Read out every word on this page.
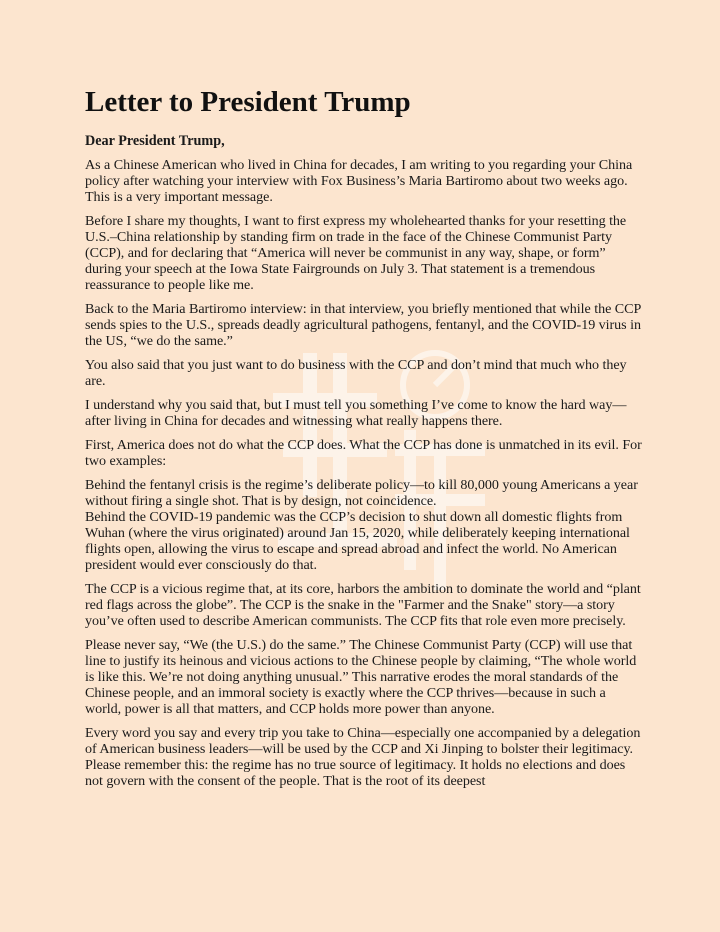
Letter to President Trump
Dear President Trump,

As a Chinese American who lived in China for decades, I am writing to you regarding your China policy after watching your interview with Fox Business’s Maria Bartiromo about two weeks ago. This is a very important message.

Before I share my thoughts, I want to first express my wholehearted thanks for your resetting the U.S.–China relationship by standing firm on trade in the face of the Chinese Communist Party (CCP), and for declaring that “America will never be communist in any way, shape, or form” during your speech at the Iowa State Fairgrounds on July 3. That statement is a tremendous reassurance to people like me.

Back to the Maria Bartiromo interview: in that interview, you briefly mentioned that while the CCP sends spies to the U.S., spreads deadly agricultural pathogens, fentanyl, and the COVID-19 virus in the US, “we do the same.”

You also said that you just want to do business with the CCP and don’t mind that much who they are.

I understand why you said that, but I must tell you something I’ve come to know the hard way—after living in China for decades and witnessing what really happens there.

First, America does not do what the CCP does. What the CCP has done is unmatched in its evil. For two examples:

Behind the fentanyl crisis is the regime’s deliberate policy—to kill 80,000 young Americans a year without firing a single shot. That is by design, not coincidence.

Behind the COVID-19 pandemic was the CCP’s decision to shut down all domestic flights from Wuhan (where the virus originated) around Jan 15, 2020, while deliberately keeping international flights open, allowing the virus to escape and spread abroad and infect the world. No American president would ever consciously do that.

The CCP is a vicious regime that, at its core, harbors the ambition to dominate the world and “plant red flags across the globe”. The CCP is the snake in the "Farmer and the Snake" story—a story you’ve often used to describe American communists. The CCP fits that role even more precisely.

Please never say, “We (the U.S.) do the same.” The Chinese Communist Party (CCP) will use that line to justify its heinous and vicious actions to the Chinese people by claiming, “The whole world is like this. We’re not doing anything unusual.” This narrative erodes the moral standards of the Chinese people, and an immoral society is exactly where the CCP thrives—because in such a world, power is all that matters, and CCP holds more power than anyone.

Every word you say and every trip you take to China—especially one accompanied by a delegation of American business leaders—will be used by the CCP and Xi Jinping to bolster their legitimacy. Please remember this: the regime has no true source of legitimacy. It holds no elections and does not govern with the consent of the people. That is the root of its deepest
